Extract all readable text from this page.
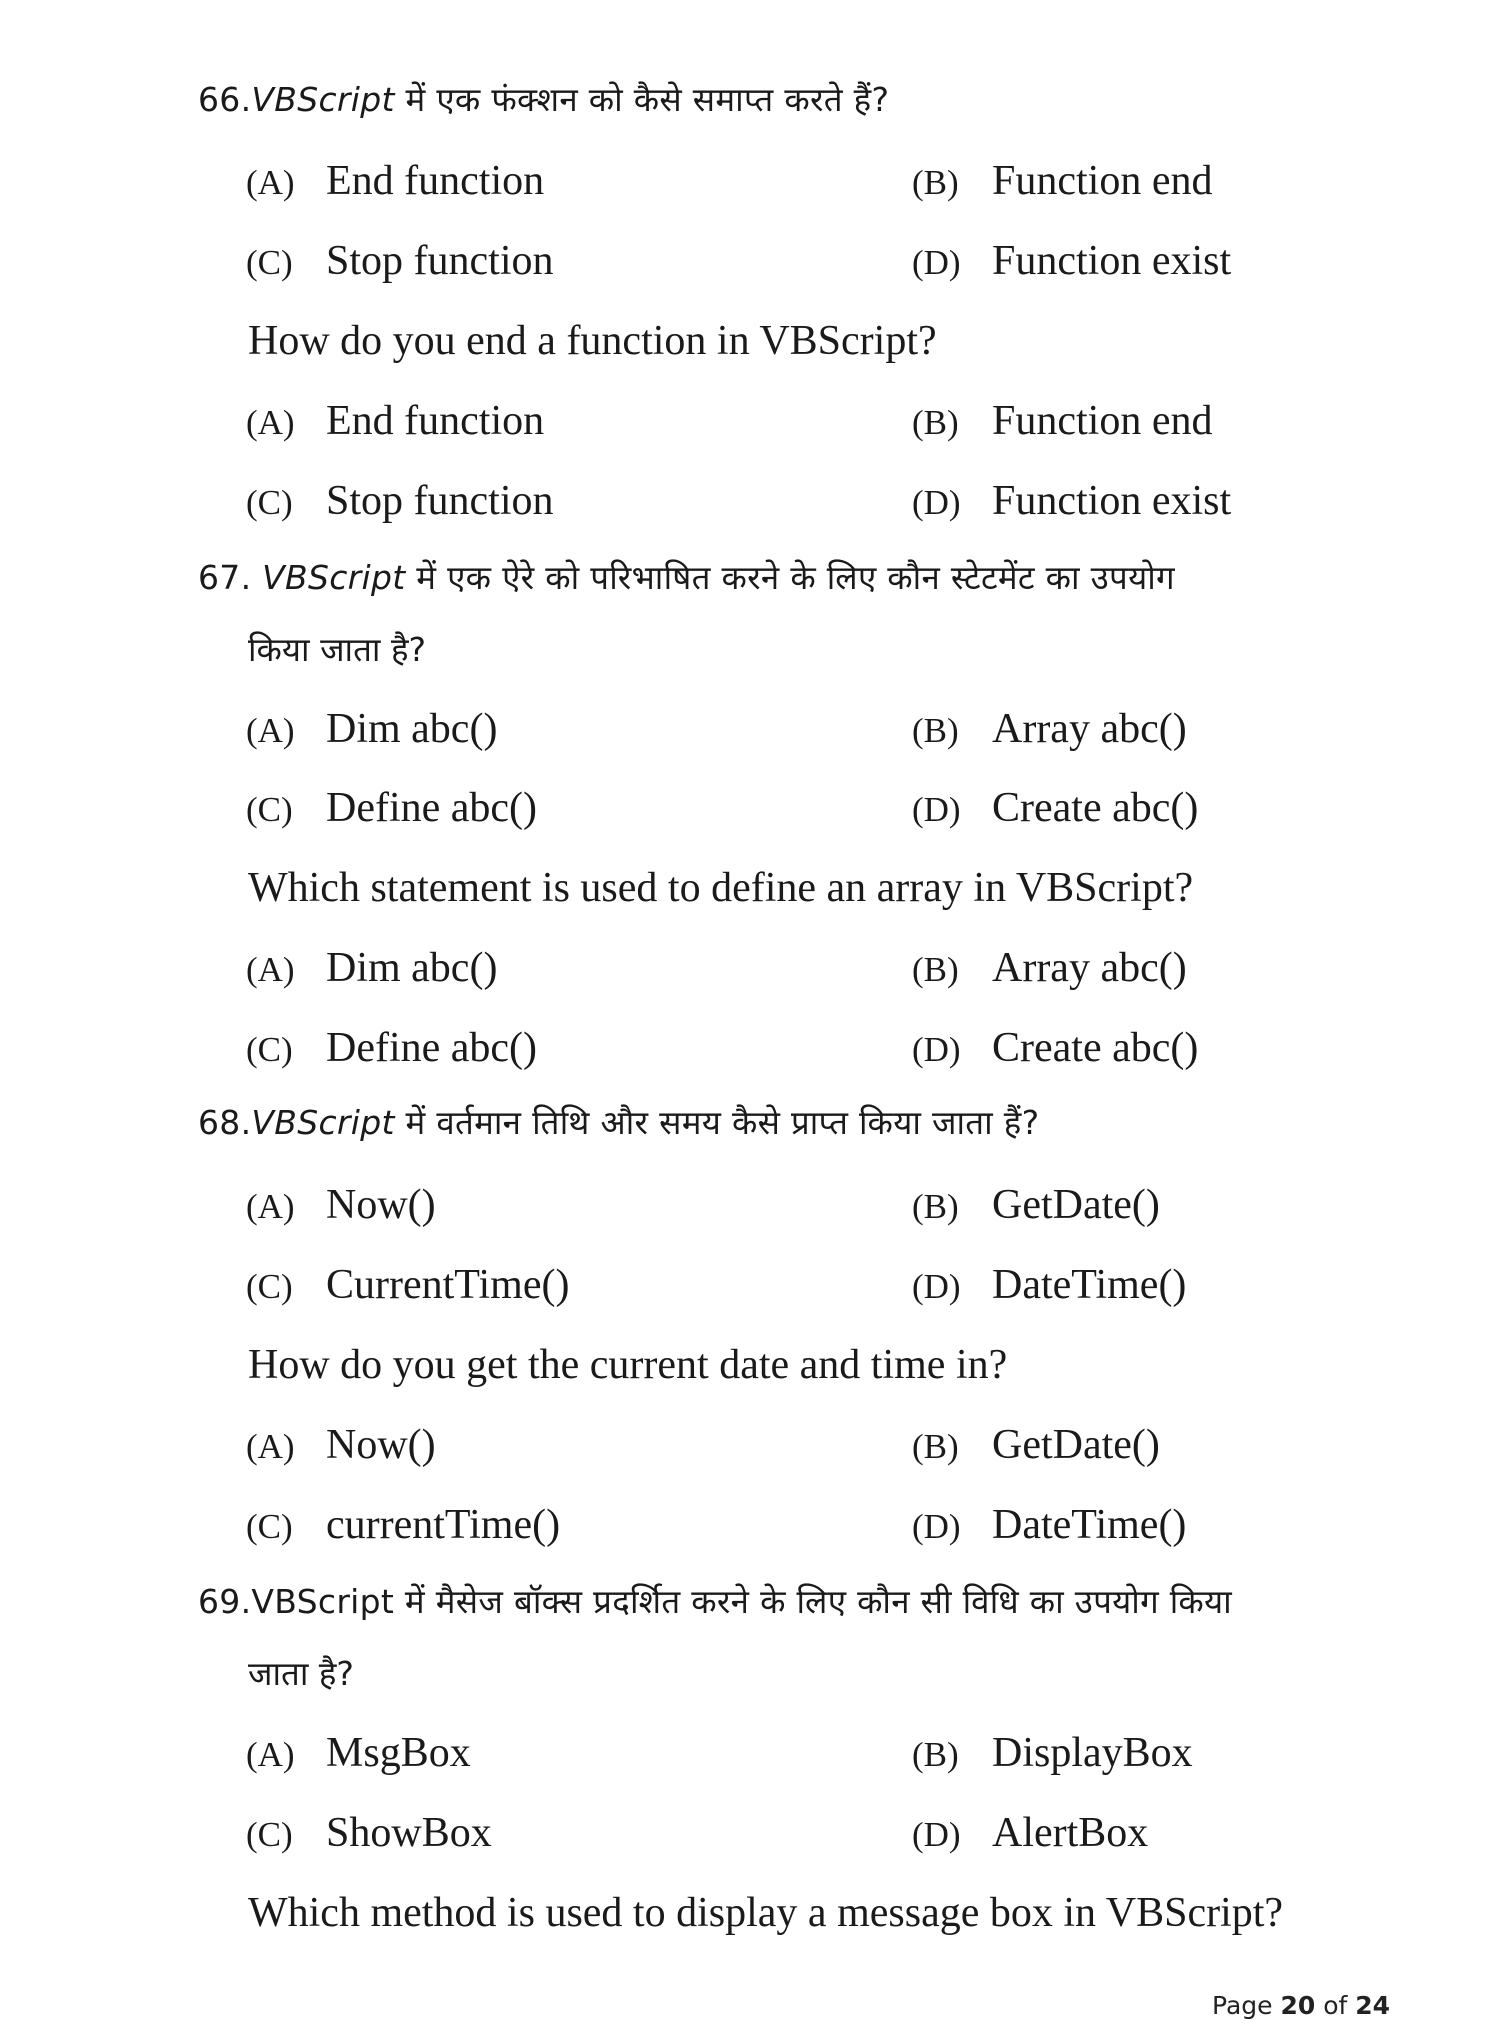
66.VBScript में एक फंक्शन को कैसे समाप्त करते हैं?
(A) End function	(B) Function end
(C) Stop function	(D) Function exist
How do you end a function in VBScript?
(A) End function	(B) Function end
(C) Stop function	(D) Function exist
67. VBScript में एक ऐरे को परिभाषित करने के लिए कौन स्टेटमेंट का उपयोग
किया जाता है?
(A) Dim abc()	(B) Array abc()
(C) Define abc()	(D) Create abc()
Which statement is used to define an array in VBScript?
(A) Dim abc()	(B) Array abc()
(C) Define abc()	(D) Create abc()
68.VBScript में वर्तमान तिथि और समय कैसे प्राप्त किया जाता हैं?
(A) Now()	(B) GetDate()
(C) CurrentTime()	(D) DateTime()
How do you get the current date and time in?
(A) Now()	(B) GetDate()
(C) currentTime()	(D) DateTime()
69.VBScript में मैसेज बॉक्स प्रदर्शित करने के लिए कौन सी विधि का उपयोग किया
जाता है?
(A) MsgBox	(B) DisplayBox
(C) ShowBox	(D) AlertBox
Which method is used to display a message box in VBScript?
Page 20 of 24
